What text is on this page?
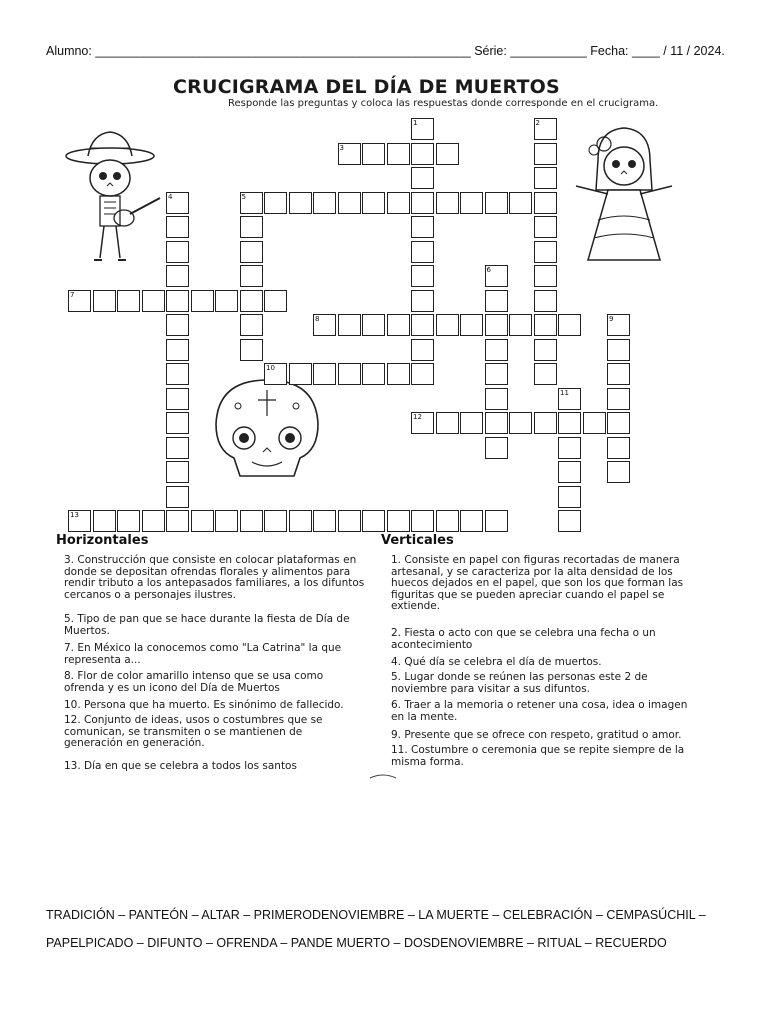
Alumno: ______________________________________________________ Série: ___________ Fecha: ____ / 11 / 2024.
CRUCIGRAMA DEL DÍA DE MUERTOS
Responde las preguntas y coloca las respuestas donde corresponde en el crucigrama.
1	2
3
4	5
6
7
8	9
10
11
12
13
Horizontales	Verticales
3. Construcción que consiste en colocar plataformas en donde se depositan ofrendas florales y alimentos para rendir tributo a los antepasados familiares, a los difuntos cercanos o a personajes ilustres.
5. Tipo de pan que se hace durante la fiesta de Día de Muertos.
7. En México la conocemos como "La Catrina" la que representa a...
8. Flor de color amarillo intenso que se usa como ofrenda y es un icono del Día de Muertos
10. Persona que ha muerto. Es sinónimo de fallecido.
12. Conjunto de ideas, usos o costumbres que se comunican, se transmiten o se mantienen de generación en generación.
13. Día en que se celebra a todos los santos
1. Consiste en papel con figuras recortadas de manera artesanal, y se caracteriza por la alta densidad de los huecos dejados en el papel, que son los que forman las figuritas que se pueden apreciar cuando el papel se extiende.
2. Fiesta o acto con que se celebra una fecha o un acontecimiento
4. Qué día se celebra el día de muertos.
5. Lugar donde se reúnen las personas este 2 de noviembre para visitar a sus difuntos.
6. Traer a la memoria o retener una cosa, idea o imagen en la mente.
9. Presente que se ofrece con respeto, gratitud o amor.
11. Costumbre o ceremonia que se repite siempre de la misma forma.
TRADICIÓN – PANTEÓN – ALTAR – PRIMERODENOVIEMBRE – LA MUERTE – CELEBRACIÓN – CEMPASÚCHIL –
PAPELPICADO – DIFUNTO – OFRENDA – PANDE MUERTO – DOSDENOVIEMBRE – RITUAL – RECUERDO
